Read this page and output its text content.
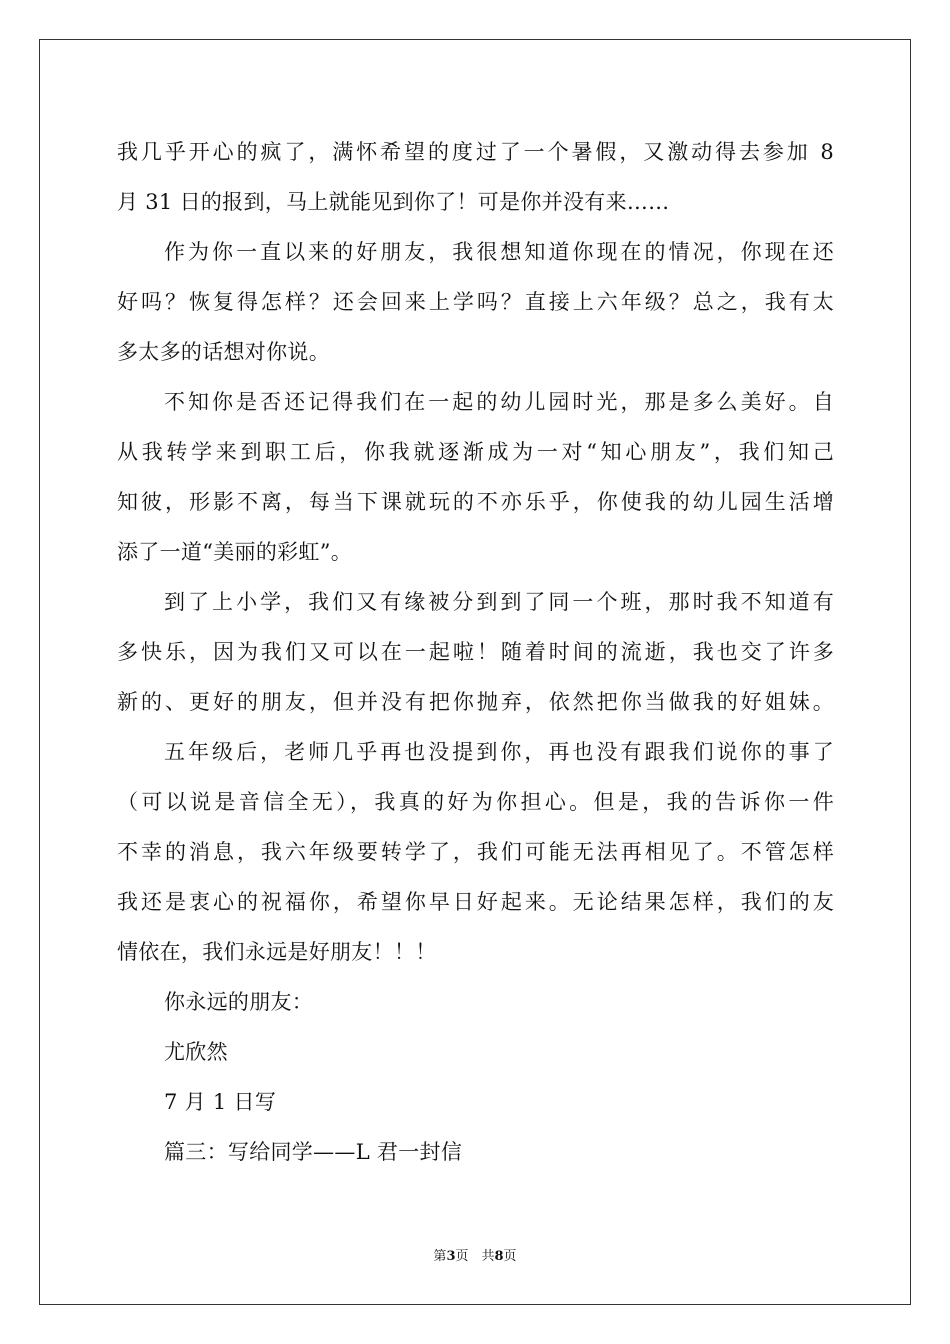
我几乎开心的疯了，满怀希望的度过了一个暑假，又激动得去参加 8
月 31 日的报到，马上就能见到你了！可是你并没有来……
作为你一直以来的好朋友，我很想知道你现在的情况，你现在还
好吗？恢复得怎样？还会回来上学吗？直接上六年级？总之，我有太
多太多的话想对你说。
不知你是否还记得我们在一起的幼儿园时光，那是多么美好。自
从我转学来到职工后，你我就逐渐成为一对“知心朋友”，我们知己
知彼，形影不离，每当下课就玩的不亦乐乎，你使我的幼儿园生活增
添了一道“美丽的彩虹”。
到了上小学，我们又有缘被分到到了同一个班，那时我不知道有
多快乐，因为我们又可以在一起啦！随着时间的流逝，我也交了许多
新的、更好的朋友，但并没有把你抛弃，依然把你当做我的好姐妹。
五年级后，老师几乎再也没提到你，再也没有跟我们说你的事了
（可以说是音信全无），我真的好为你担心。但是，我的告诉你一件
不幸的消息，我六年级要转学了，我们可能无法再相见了。不管怎样
我还是衷心的祝福你，希望你早日好起来。无论结果怎样，我们的友
情依在，我们永远是好朋友！！！
你永远的朋友：
尤欣然
7 月 1 日写
篇三：写给同学——L 君一封信
第3页　共8页
